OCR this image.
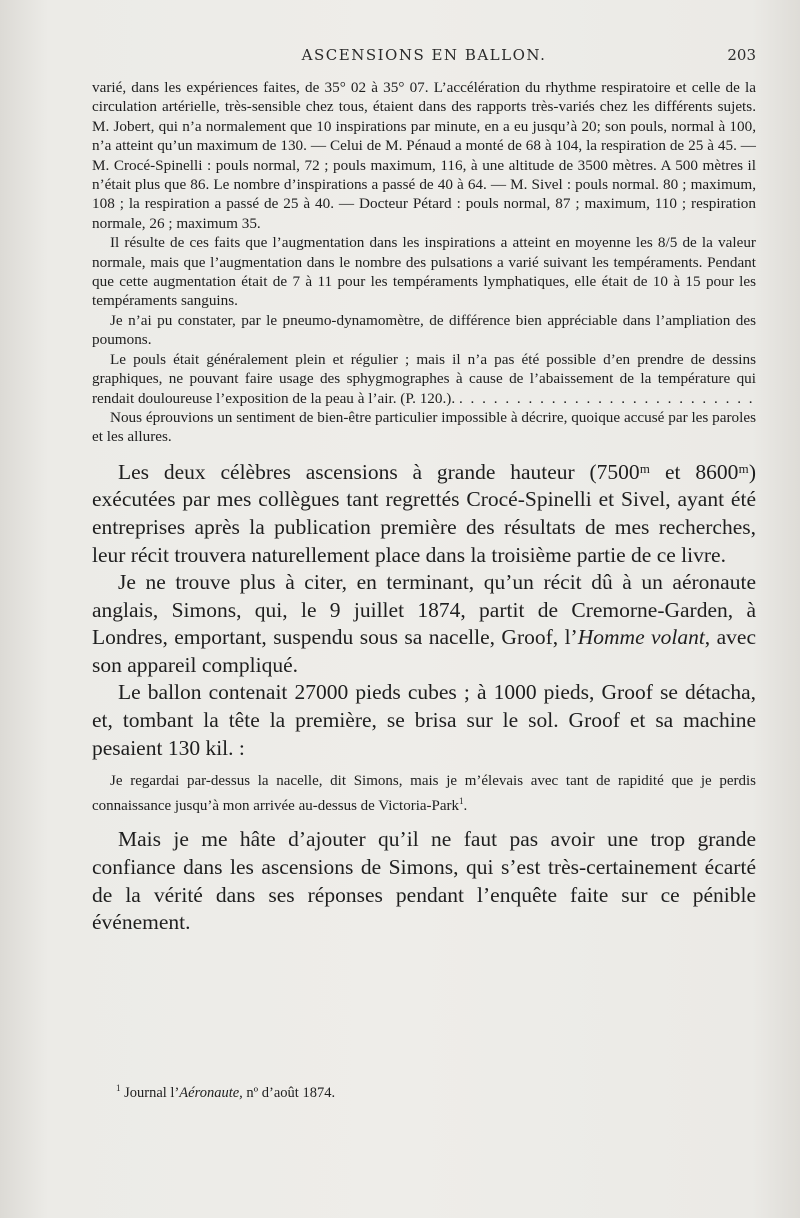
ASCENSIONS EN BALLON.	203

varié, dans les expériences faites, de 35° 02 à 35° 07. L’accélération du rhythme respiratoire et celle de la circulation artérielle, très-sensible chez tous, étaient dans des rapports très-variés chez les différents sujets. M. Jobert, qui n’a normalement que 10 inspirations par minute, en a eu jusqu’à 20; son pouls, normal à 100, n’a atteint qu’un maximum de 130. — Celui de M. Pénaud a monté de 68 à 104, la respiration de 25 à 45. — M. Crocé-Spinelli : pouls normal, 72 ; pouls maximum, 116, à une altitude de 3500 mètres. A 500 mètres il n’était plus que 86. Le nombre d’inspirations a passé de 40 à 64. — M. Sivel : pouls normal. 80 ; maximum, 108 ; la respiration a passé de 25 à 40. — Docteur Pétard : pouls normal, 87 ; maximum, 110 ; respiration normale, 26 ; maximum 35.

Il résulte de ces faits que l’augmentation dans les inspirations a atteint en moyenne les 8/5 de la valeur normale, mais que l’augmentation dans le nombre des pulsations a varié suivant les tempéraments. Pendant que cette augmentation était de 7 à 11 pour les tempéraments lymphatiques, elle était de 10 à 15 pour les tempéraments sanguins.

Je n’ai pu constater, par le pneumo-dynamomètre, de différence bien appréciable dans l’ampliation des poumons.

Le pouls était généralement plein et régulier ; mais il n’a pas été possible d’en prendre de dessins graphiques, ne pouvant faire usage des sphygmographes à cause de l’abaissement de la température qui rendait douloureuse l’exposition de la peau à l’air. (P. 120.). . . . . . . . . . . . . . . . . . . . . . . . . . .

Nous éprouvions un sentiment de bien-être particulier impossible à décrire, quoique accusé par les paroles et les allures.

Les deux célèbres ascensions à grande hauteur (7500ᵐ et 8600ᵐ) exécutées par mes collègues tant regrettés Crocé-Spinelli et Sivel, ayant été entreprises après la publication première des résultats de mes recherches, leur récit trouvera naturellement place dans la troisième partie de ce livre.

Je ne trouve plus à citer, en terminant, qu’un récit dû à un aéronaute anglais, Simons, qui, le 9 juillet 1874, partit de Cremorne-Garden, à Londres, emportant, suspendu sous sa nacelle, Groof, l’Homme volant, avec son appareil compliqué.

Le ballon contenait 27000 pieds cubes ; à 1000 pieds, Groof se détacha, et, tombant la tête la première, se brisa sur le sol. Groof et sa machine pesaient 130 kil. :

Je regardai par-dessus la nacelle, dit Simons, mais je m’élevais avec tant de rapidité que je perdis connaissance jusqu’à mon arrivée au-dessus de Victoria-Park$^1$.

Mais je me hâte d’ajouter qu’il ne faut pas avoir une trop grande confiance dans les ascensions de Simons, qui s’est très-certainement écarté de la vérité dans ses réponses pendant l’enquête faite sur ce pénible événement.

$^1$ Journal l’Aéronaute, nº d’août 1874.
